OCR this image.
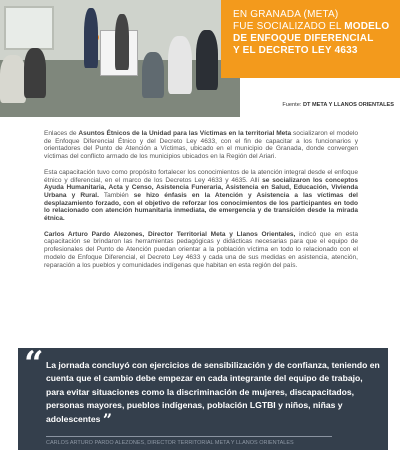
EN GRANADA (META)
FUE SOCIALIZADO EL MODELO
DE ENFOQUE DIFERENCIAL
Y EL DECRETO LEY 4633
Fuente: DT META Y LLANOS ORIENTALES

Enlaces de Asuntos Étnicos de la Unidad para las Víctimas en la territorial Meta socializaron el modelo de Enfoque Diferencial Étnico y del Decreto Ley 4633, con el fin de capacitar a los funcionarios y orientadores del Punto de Atención a Víctimas, ubicado en el municipio de Granada, donde convergen víctimas del conflicto armado de los municipios ubicados en la Región del Ariari.

Esta capacitación tuvo como propósito fortalecer los conocimientos de la atención integral desde el enfoque étnico y diferencial, en el marco de los Decretos Ley 4633 y 4635. Allí se socializaron los conceptos Ayuda Humanitaria, Acta y Censo, Asistencia Funeraria, Asistencia en Salud, Educación, Vivienda Urbana y Rural. También se hizo énfasis en la Atención y Asistencia a las víctimas del desplazamiento forzado, con el objetivo de reforzar los conocimientos de los participantes en todo lo relacionado con atención humanitaria inmediata, de emergencia y de transición desde la mirada étnica.

Carlos Arturo Pardo Alezones, Director Territorial Meta y Llanos Orientales, indicó que en esta capacitación se brindaron las herramientas pedagógicas y didácticas necesarias para que el equipo de profesionales del Punto de Atención puedan orientar a la población víctima en todo lo relacionado con el modelo de Enfoque Diferencial, el Decreto Ley 4633 y cada una de sus medidas en asistencia, atención, reparación a los pueblos y comunidades indígenas que habitan en esta región del país.

“ La jornada concluyó con ejercicios de sensibilización y de confianza, teniendo en cuenta que el cambio debe empezar en cada integrante del equipo de trabajo, para evitar situaciones como la discriminación de mujeres, discapacitados, personas mayores, pueblos indígenas, población LGTBI y niños, niñas y adolescentes ”
CARLOS ARTURO PARDO ALEZONES, DIRECTOR TERRITORIAL META Y LLANOS ORIENTALES
